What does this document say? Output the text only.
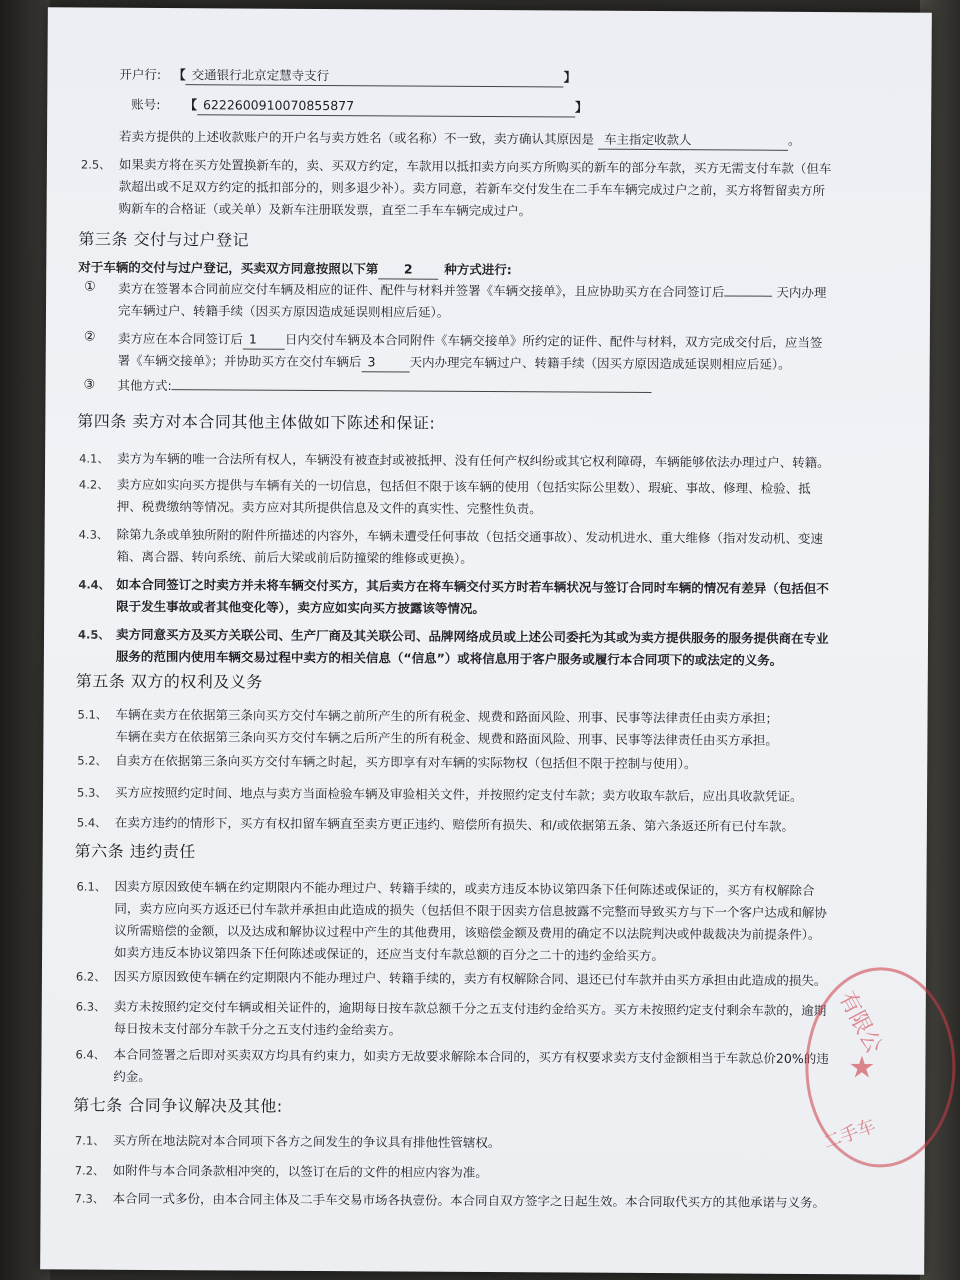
开户行: 【 交通银行北京定慧寺支行	】
账号: 【 6222600910070855877	】
若卖方提供的上述收款账户的开户名与卖方姓名（或名称）不一致，卖方确认其原因是 车主指定收款人	。
2.5、 如果卖方将在买方处置换新车的，卖、买双方约定，车款用以抵扣卖方向买方所购买的新车的部分车款，买方无需支付车款（但车
款超出或不足双方约定的抵扣部分的，则多退少补）。卖方同意，若新车交付发生在二手车车辆完成过户之前，买方将暂留卖方所
购新车的合格证（或关单）及新车注册联发票，直至二手车车辆完成过户。
第三条 交付与过户登记
对于车辆的交付与过户登记，买卖双方同意按照以下第 2	种方式进行:
① 卖方在签署本合同前应交付车辆及相应的证件、配件与材料并签署《车辆交接单》，且应协助买方在合同签订后	天内办理
完车辆过户、转籍手续（因买方原因造成延误则相应后延）。
② 卖方应在本合同签订后 1 日内交付车辆及本合同附件《车辆交接单》所约定的证件、配件与材料，双方完成交付后，应当签
署《车辆交接单》；并协助买方在交付车辆后 3	天内办理完车辆过户、转籍手续（因买方原因造成延误则相应后延）。
③ 其他方式:
第四条 卖方对本合同其他主体做如下陈述和保证:
4.1、 卖方为车辆的唯一合法所有权人，车辆没有被查封或被抵押、没有任何产权纠纷或其它权利障碍，车辆能够依法办理过户、转籍。
4.2、 卖方应如实向买方提供与车辆有关的一切信息，包括但不限于该车辆的使用（包括实际公里数）、瑕疵、事故、修理、检验、抵
押、税费缴纳等情况。卖方应对其所提供信息及文件的真实性、完整性负责。
4.3、 除第九条或单独所附的附件所描述的内容外，车辆未遭受任何事故（包括交通事故）、发动机进水、重大维修（指对发动机、变速
箱、离合器、转向系统、前后大梁或前后防撞梁的维修或更换）。
4.4、 如本合同签订之时卖方并未将车辆交付买方，其后卖方在将车辆交付买方时若车辆状况与签订合同时车辆的情况有差异（包括但不
限于发生事故或者其他变化等），卖方应如实向买方披露该等情况。
4.5、 卖方同意买方及买方关联公司、生产厂商及其关联公司、品牌网络成员或上述公司委托为其或为卖方提供服务的服务提供商在专业
服务的范围内使用车辆交易过程中卖方的相关信息（“信息”）或将信息用于客户服务或履行本合同项下的或法定的义务。
第五条 双方的权利及义务
5.1、 车辆在卖方在依据第三条向买方交付车辆之前所产生的所有税金、规费和路面风险、刑事、民事等法律责任由卖方承担；
车辆在卖方在依据第三条向买方交付车辆之后所产生的所有税金、规费和路面风险、刑事、民事等法律责任由买方承担。
5.2、 自卖方在依据第三条向买方交付车辆之时起，买方即享有对车辆的实际物权（包括但不限于控制与使用）。
5.3、 买方应按照约定时间、地点与卖方当面检验车辆及审验相关文件，并按照约定支付车款；卖方收取车款后，应出具收款凭证。
5.4、 在卖方违约的情形下，买方有权扣留车辆直至卖方更正违约、赔偿所有损失、和/或依据第五条、第六条返还所有已付车款。
第六条 违约责任
6.1、 因卖方原因致使车辆在约定期限内不能办理过户、转籍手续的，或卖方违反本协议第四条下任何陈述或保证的，买方有权解除合
同，卖方应向买方返还已付车款并承担由此造成的损失（包括但不限于因卖方信息披露不完整而导致买方与下一个客户达成和解协
议所需赔偿的金额，以及达成和解协议过程中产生的其他费用，该赔偿金额及费用的确定不以法院判决或仲裁裁决为前提条件）。
如卖方违反本协议第四条下任何陈述或保证的，还应当支付车款总额的百分之二十的违约金给买方。
6.2、 因买方原因致使车辆在约定期限内不能办理过户、转籍手续的，卖方有权解除合同、退还已付车款并由买方承担由此造成的损失。
6.3、 卖方未按照约定交付车辆或相关证件的，逾期每日按车款总额千分之五支付违约金给买方。买方未按照约定支付剩余车款的，逾期
每日按未支付部分车款千分之五支付违约金给卖方。
6.4、 本合同签署之后即对买卖双方均具有约束力，如卖方无故要求解除本合同的，买方有权要求卖方支付金额相当于车款总价20%的违
约金。
第七条 合同争议解决及其他:
7.1、 买方所在地法院对本合同项下各方之间发生的争议具有排他性管辖权。
7.2、 如附件与本合同条款相冲突的，以签订在后的文件的相应内容为准。
7.3、 本合同一式多份，由本合同主体及二手车交易市场各执壹份。本合同自双方签字之日起生效。本合同取代买方的其他承诺与义务。
有限公
★
二手车
